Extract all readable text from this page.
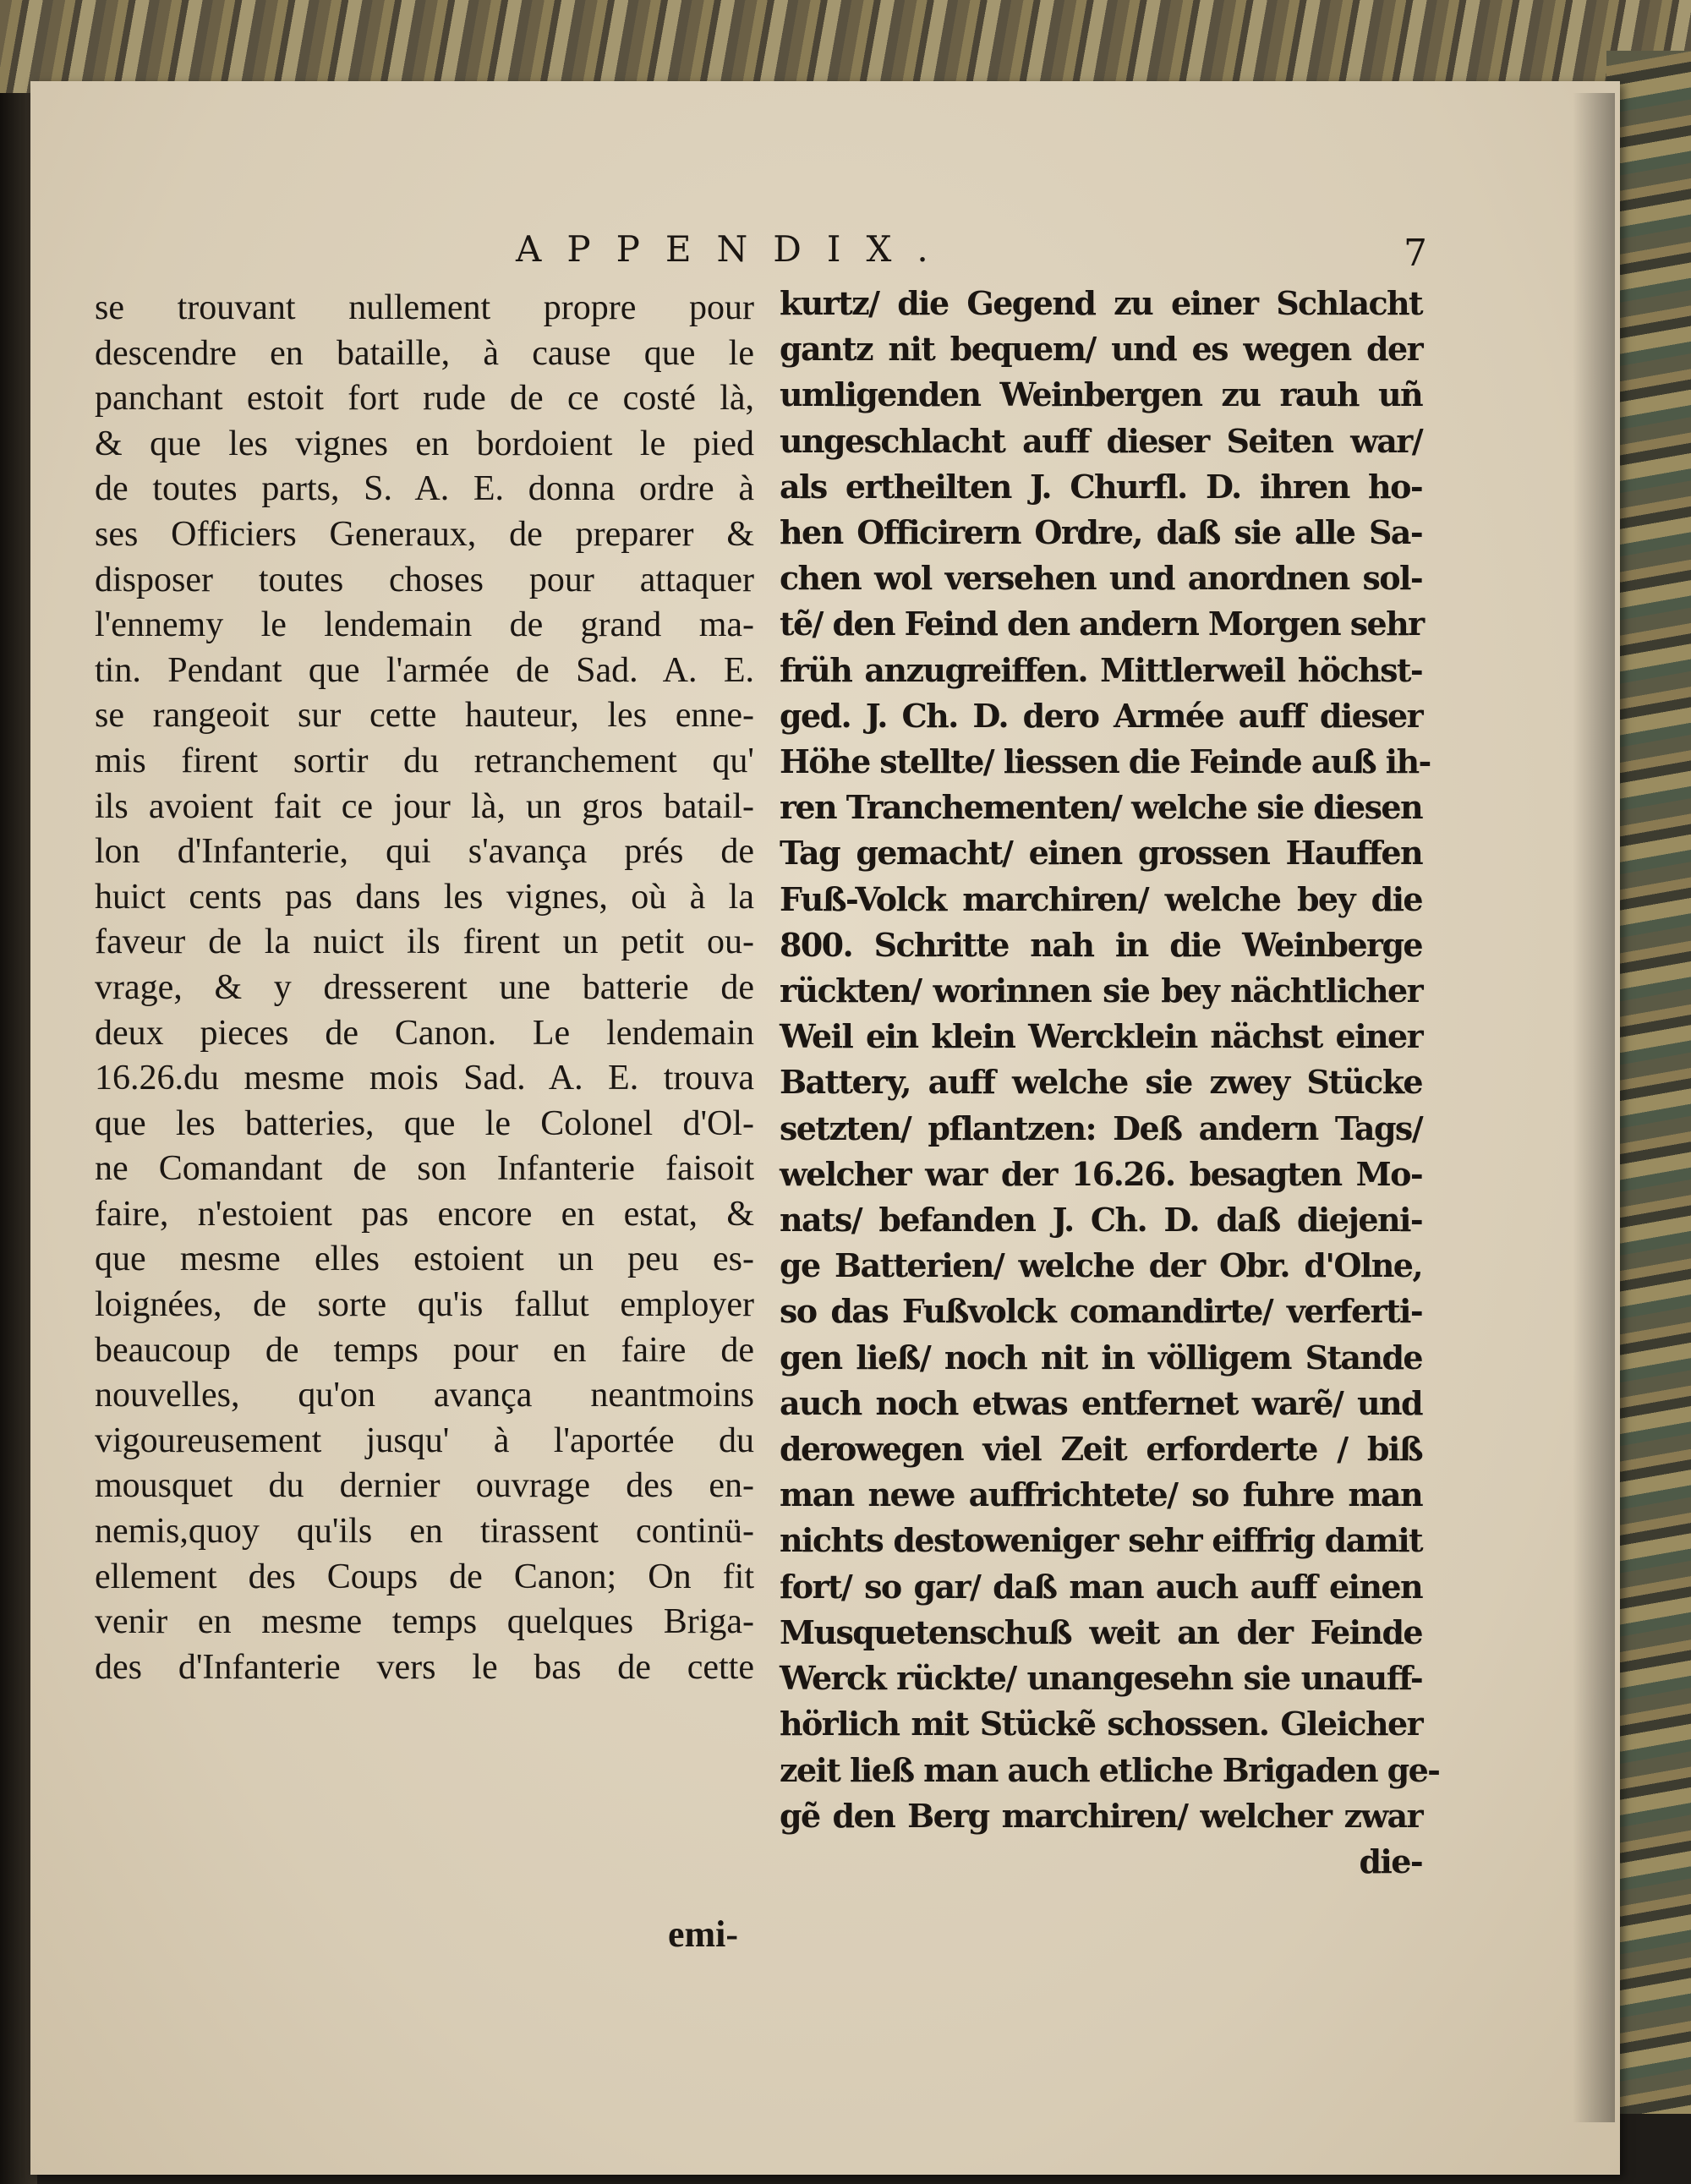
APPENDIX.	7
se trouvant nullement propre pour
descendre en bataille, à cause que le
panchant estoit fort rude de ce costé là,
& que les vignes en bordoient le pied
de toutes parts, S. A. E. donna ordre à
ses Officiers Generaux, de preparer &
disposer toutes choses pour attaquer
l'ennemy le lendemain de grand ma-
tin. Pendant que l'armée de Sad. A. E.
se rangeoit sur cette hauteur, les enne-
mis firent sortir du retranchement qu'
ils avoient fait ce jour là, un gros batail-
lon d'Infanterie, qui s'avança prés de
huict cents pas dans les vignes, où à la
faveur de la nuict ils firent un petit ou-
vrage, & y dresserent une batterie de
deux pieces de Canon. Le lendemain
16.26.du mesme mois Sad. A. E. trouva
que les batteries, que le Colonel d'Ol-
ne Comandant de son Infanterie faisoit
faire, n'estoient pas encore en estat, &
que mesme elles estoient un peu es-
loignées, de sorte qu'is fallut employer
beaucoup de temps pour en faire de
nouvelles, qu'on avança neantmoins
vigoureusement jusqu' à l'aportée du
mousquet du dernier ouvrage des en-
nemis,quoy qu'ils en tirassent continü-
ellement des Coups de Canon; On fit
venir en mesme temps quelques Briga-
des d'Infanterie vers le bas de cette
emi-
kurtz/ die Gegend zu einer Schlacht
gantz nit bequem/ und es wegen der
umligenden Weinbergen zu rauh uñ
ungeschlacht auff dieser Seiten war/
als ertheilten J. Churfl. D. ihren ho-
hen Officirern Ordre, daß sie alle Sa-
chen wol versehen und anordnen sol-
tẽ/ den Feind den andern Morgen sehr
früh anzugreiffen. Mittlerweil höchst-
ged. J. Ch. D. dero Armée auff dieser
Höhe stellte/ liessen die Feinde auß ih-
ren Tranchementen/ welche sie diesen
Tag gemacht/ einen grossen Hauffen
Fuß-Volck marchiren/ welche bey die
800. Schritte nah in die Weinberge
rückten/ worinnen sie bey nächtlicher
Weil ein klein Wercklein nächst einer
Battery, auff welche sie zwey Stücke
setzten/ pflantzen: Deß andern Tags/
welcher war der 16.26. besagten Mo-
nats/ befanden J. Ch. D. daß diejeni-
ge Batterien/ welche der Obr. d'Olne,
so das Fußvolck comandirte/ verferti-
gen ließ/ noch nit in völligem Stande
auch noch etwas entfernet warẽ/ und
derowegen viel Zeit erforderte / biß
man newe auffrichtete/ so fuhre man
nichts destoweniger sehr eiffrig damit
fort/ so gar/ daß man auch auff einen
Musquetenschuß weit an der Feinde
Werck rückte/ unangesehn sie unauff-
hörlich mit Stückẽ schossen. Gleicher
zeit ließ man auch etliche Brigaden ge-
gẽ den Berg marchiren/ welcher zwar
die-
